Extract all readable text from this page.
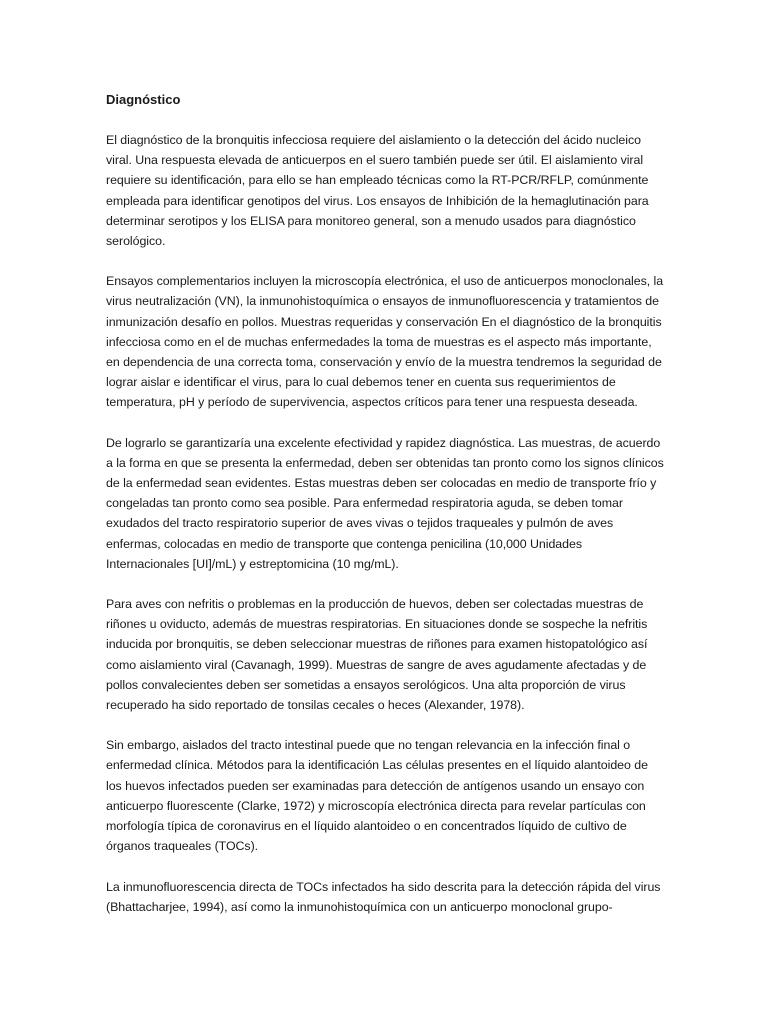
Diagnóstico

El diagnóstico de la bronquitis infecciosa requiere del aislamiento o la detección del ácido nucleico viral. Una respuesta elevada de anticuerpos en el suero también puede ser útil. El aislamiento viral requiere su identificación, para ello se han empleado técnicas como la RT-PCR/RFLP, comúnmente empleada para identificar genotipos del virus. Los ensayos de Inhibición de la hemaglutinación para determinar serotipos y los ELISA para monitoreo general, son a menudo usados para diagnóstico serológico.

Ensayos complementarios incluyen la microscopía electrónica, el uso de anticuerpos monoclonales, la virus neutralización (VN), la inmunohistoquímica o ensayos de inmunofluorescencia y tratamientos de inmunización desafío en pollos. Muestras requeridas y conservación En el diagnóstico de la bronquitis infecciosa como en el de muchas enfermedades la toma de muestras es el aspecto más importante, en dependencia de una correcta toma, conservación y envío de la muestra tendremos la seguridad de lograr aislar e identificar el virus, para lo cual debemos tener en cuenta sus requerimientos de temperatura, pH y período de supervivencia, aspectos críticos para tener una respuesta deseada.

De lograrlo se garantizaría una excelente efectividad y rapidez diagnóstica. Las muestras, de acuerdo a la forma en que se presenta la enfermedad, deben ser obtenidas tan pronto como los signos clínicos de la enfermedad sean evidentes. Estas muestras deben ser colocadas en medio de transporte frío y congeladas tan pronto como sea posible. Para enfermedad respiratoria aguda, se deben tomar exudados del tracto respiratorio superior de aves vivas o tejidos traqueales y pulmón de aves enfermas, colocadas en medio de transporte que contenga penicilina (10,000 Unidades Internacionales [UI]/mL) y estreptomicina (10 mg/mL).

Para aves con nefritis o problemas en la producción de huevos, deben ser colectadas muestras de riñones u oviducto, además de muestras respiratorias. En situaciones donde se sospeche la nefritis inducida por bronquitis, se deben seleccionar muestras de riñones para examen histopatológico así como aislamiento viral (Cavanagh, 1999). Muestras de sangre de aves agudamente afectadas y de pollos convalecientes deben ser sometidas a ensayos serológicos. Una alta proporción de virus recuperado ha sido reportado de tonsilas cecales o heces (Alexander, 1978).

Sin embargo, aislados del tracto intestinal puede que no tengan relevancia en la infección final o enfermedad clínica. Métodos para la identificación Las células presentes en el líquido alantoideo de los huevos infectados pueden ser examinadas para detección de antígenos usando un ensayo con anticuerpo fluorescente (Clarke, 1972) y microscopía electrónica directa para revelar partículas con morfología típica de coronavirus en el líquido alantoideo o en concentrados líquido de cultivo de órganos traqueales (TOCs).

La inmunofluorescencia directa de TOCs infectados ha sido descrita para la detección rápida del virus (Bhattacharjee, 1994), así como la inmunohistoquímica con un anticuerpo monoclonal grupo-
